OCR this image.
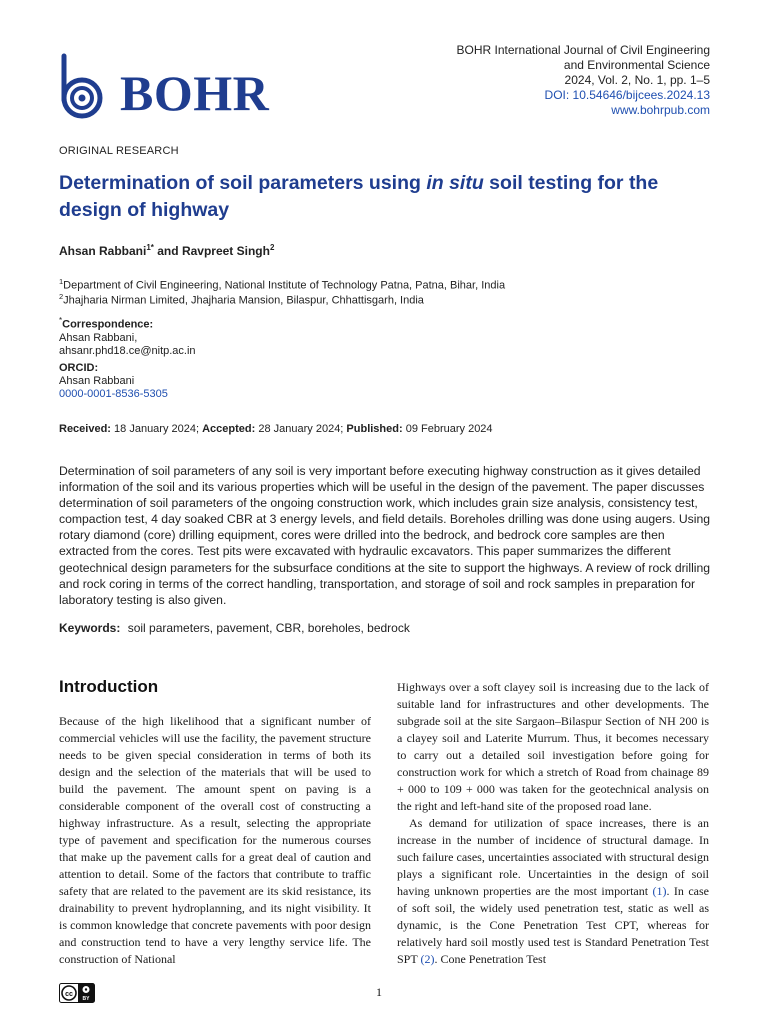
BOHR
BOHR International Journal of Civil Engineering
and Environmental Science
2024, Vol. 2, No. 1, pp. 1–5
DOI: 10.54646/bijcees.2024.13
www.bohrpub.com
ORIGINAL RESEARCH
Determination of soil parameters using in situ soil testing for the design of highway
Ahsan Rabbani$^{1*}$ and Ravpreet Singh$^2$
$^1$Department of Civil Engineering, National Institute of Technology Patna, Patna, Bihar, India
$^2$Jhajharia Nirman Limited, Jhajharia Mansion, Bilaspur, Chhattisgarh, India
*Correspondence:
Ahsan Rabbani,
ahsanr.phd18.ce@nitp.ac.in
ORCID:
Ahsan Rabbani
0000-0001-8536-5305
Received: 18 January 2024; Accepted: 28 January 2024; Published: 09 February 2024
Determination of soil parameters of any soil is very important before executing highway construction as it gives detailed information of the soil and its various properties which will be useful in the design of the pavement. The paper discusses determination of soil parameters of the ongoing construction work, which includes grain size analysis, consistency test, compaction test, 4 day soaked CBR at 3 energy levels, and field details. Boreholes drilling was done using augers. Using rotary diamond (core) drilling equipment, cores were drilled into the bedrock, and bedrock core samples are then extracted from the cores. Test pits were excavated with hydraulic excavators. This paper summarizes the different geotechnical design parameters for the subsurface conditions at the site to support the highways. A review of rock drilling and rock coring in terms of the correct handling, transportation, and storage of soil and rock samples in preparation for laboratory testing is also given.
Keywords: soil parameters, pavement, CBR, boreholes, bedrock
Introduction

Because of the high likelihood that a significant number of commercial vehicles will use the facility, the pavement structure needs to be given special consideration in terms of both its design and the selection of the materials that will be used to build the pavement. The amount spent on paving is a considerable component of the overall cost of constructing a highway infrastructure. As a result, selecting the appropriate type of pavement and specification for the numerous courses that make up the pavement calls for a great deal of caution and attention to detail. Some of the factors that contribute to traffic safety that are related to the pavement are its skid resistance, its drainability to prevent hydroplanning, and its night visibility. It is common knowledge that concrete pavements with poor design and construction tend to have a very lengthy service life. The construction of National

Highways over a soft clayey soil is increasing due to the lack of suitable land for infrastructures and other developments. The subgrade soil at the site Sargaon–Bilaspur Section of NH 200 is a clayey soil and Laterite Murrum. Thus, it becomes necessary to carry out a detailed soil investigation before going for construction work for which a stretch of Road from chainage 89 + 000 to 109 + 000 was taken for the geotechnical analysis on the right and left-hand site of the proposed road lane.

As demand for utilization of space increases, there is an increase in the number of incidence of structural damage. In such failure cases, uncertainties associated with structural design plays a significant role. Uncertainties in the design of soil having unknown properties are the most important (1). In case of soft soil, the widely used penetration test, static as well as dynamic, is the Cone Penetration Test CPT, whereas for relatively hard soil mostly used test is Standard Penetration Test SPT (2). Cone Penetration Test

cc
BY	1
